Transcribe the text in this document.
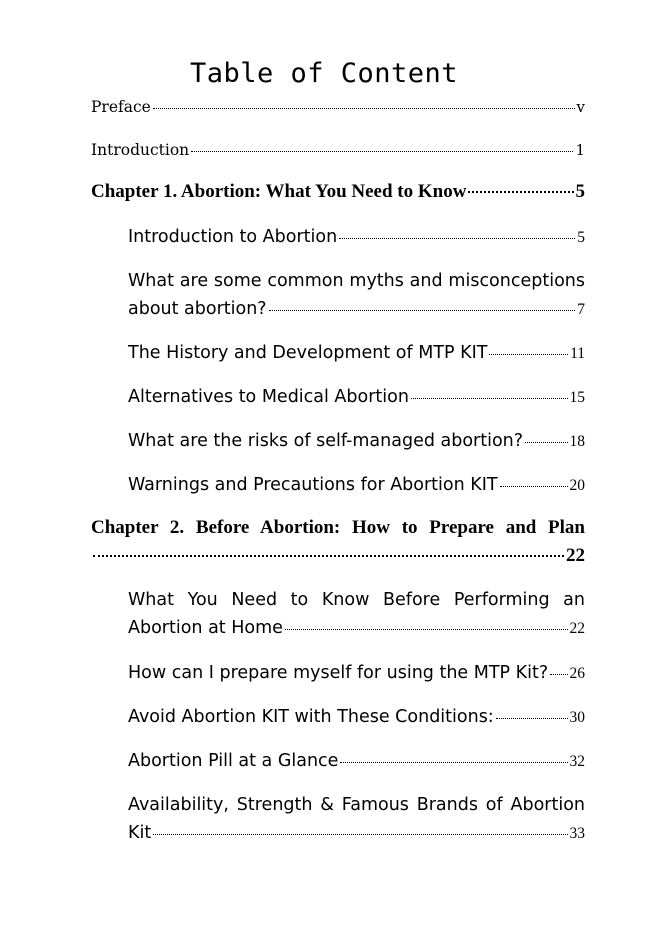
Table of Content
Preface	v
Introduction	1
Chapter 1. Abortion: What You Need to Know	5
Introduction to Abortion	5
What are some common myths and misconceptions
about abortion?	7
The History and Development of MTP KIT	11
Alternatives to Medical Abortion	15
What are the risks of self-managed abortion?	18
Warnings and Precautions for Abortion KIT	20
Chapter 2. Before Abortion: How to Prepare and Plan
22
What You Need to Know Before Performing an
Abortion at Home	22
How can I prepare myself for using the MTP Kit? 26
Avoid Abortion KIT with These Conditions:	30
Abortion Pill at a Glance	32
Availability, Strength & Famous Brands of Abortion
Kit	33
